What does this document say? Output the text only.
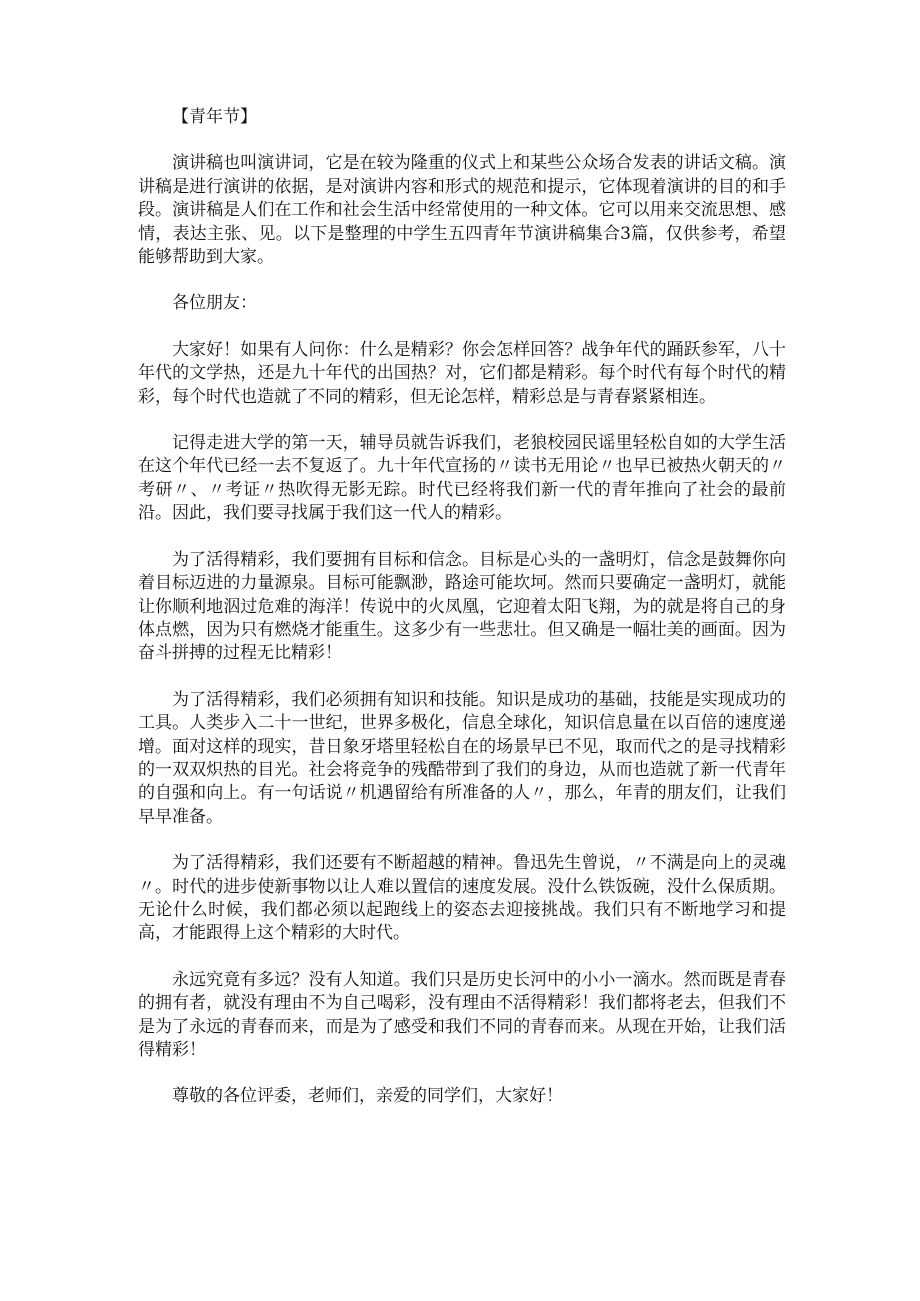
【青年节】

演讲稿也叫演讲词，它是在较为隆重的仪式上和某些公众场合发表的讲话文稿。演讲稿是进行演讲的依据，是对演讲内容和形式的规范和提示，它体现着演讲的目的和手段。演讲稿是人们在工作和社会生活中经常使用的一种文体。它可以用来交流思想、感情，表达主张、见。以下是整理的中学生五四青年节演讲稿集合3篇，仅供参考，希望能够帮助到大家。

各位朋友：

大家好！如果有人问你：什么是精彩？你会怎样回答？战争年代的踊跃参军，八十年代的文学热，还是九十年代的出国热？对，它们都是精彩。每个时代有每个时代的精彩，每个时代也造就了不同的精彩，但无论怎样，精彩总是与青春紧紧相连。

记得走进大学的第一天，辅导员就告诉我们，老狼校园民谣里轻松自如的大学生活在这个年代已经一去不复返了。九十年代宣扬的〃读书无用论〃也早已被热火朝天的〃考研〃、〃考证〃热吹得无影无踪。时代已经将我们新一代的青年推向了社会的最前沿。因此，我们要寻找属于我们这一代人的精彩。

为了活得精彩，我们要拥有目标和信念。目标是心头的一盏明灯，信念是鼓舞你向着目标迈进的力量源泉。目标可能飘渺，路途可能坎坷。然而只要确定一盏明灯，就能让你顺利地泅过危难的海洋！传说中的火凤凰，它迎着太阳飞翔，为的就是将自己的身体点燃，因为只有燃烧才能重生。这多少有一些悲壮。但又确是一幅壮美的画面。因为奋斗拼搏的过程无比精彩！

为了活得精彩，我们必须拥有知识和技能。知识是成功的基础，技能是实现成功的工具。人类步入二十一世纪，世界多极化，信息全球化，知识信息量在以百倍的速度递增。面对这样的现实，昔日象牙塔里轻松自在的场景早已不见，取而代之的是寻找精彩的一双双炽热的目光。社会将竞争的残酷带到了我们的身边，从而也造就了新一代青年的自强和向上。有一句话说〃机遇留给有所准备的人〃，那么，年青的朋友们，让我们早早准备。

为了活得精彩，我们还要有不断超越的精神。鲁迅先生曾说，〃不满是向上的灵魂〃。时代的进步使新事物以让人难以置信的速度发展。没什么铁饭碗，没什么保质期。无论什么时候，我们都必须以起跑线上的姿态去迎接挑战。我们只有不断地学习和提高，才能跟得上这个精彩的大时代。

永远究竟有多远？没有人知道。我们只是历史长河中的小小一滴水。然而既是青春的拥有者，就没有理由不为自己喝彩，没有理由不活得精彩！我们都将老去，但我们不是为了永远的青春而来，而是为了感受和我们不同的青春而来。从现在开始，让我们活得精彩！

尊敬的各位评委，老师们，亲爱的同学们，大家好！
